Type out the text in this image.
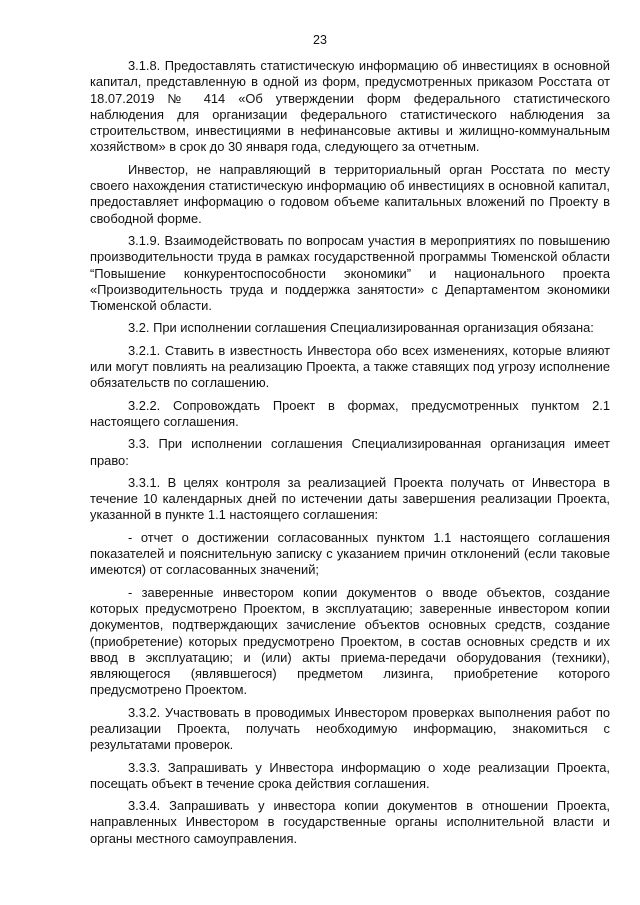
23

3.1.8. Предоставлять статистическую информацию об инвестициях в основной капитал, представленную в одной из форм, предусмотренных приказом Росстата от 18.07.2019 № 414 «Об утверждении форм федерального статистического наблюдения для организации федерального статистического наблюдения за строительством, инвестициями в нефинансовые активы и жилищно-коммунальным хозяйством» в срок до 30 января года, следующего за отчетным.

Инвестор, не направляющий в территориальный орган Росстата по месту своего нахождения статистическую информацию об инвестициях в основной капитал, предоставляет информацию о годовом объеме капитальных вложений по Проекту в свободной форме.

3.1.9. Взаимодействовать по вопросам участия в мероприятиях по повышению производительности труда в рамках государственной программы Тюменской области “Повышение конкурентоспособности экономики” и национального проекта «Производительность труда и поддержка занятости» с Департаментом экономики Тюменской области.

3.2. При исполнении соглашения Специализированная организация обязана:

3.2.1. Ставить в известность Инвестора обо всех изменениях, которые влияют или могут повлиять на реализацию Проекта, а также ставящих под угрозу исполнение обязательств по соглашению.

3.2.2. Сопровождать Проект в формах, предусмотренных пунктом 2.1 настоящего соглашения.

3.3. При исполнении соглашения Специализированная организация имеет право:

3.3.1. В целях контроля за реализацией Проекта получать от Инвестора в течение 10 календарных дней по истечении даты завершения реализации Проекта, указанной в пункте 1.1 настоящего соглашения:

- отчет о достижении согласованных пунктом 1.1 настоящего соглашения показателей и пояснительную записку с указанием причин отклонений (если таковые имеются) от согласованных значений;

- заверенные инвестором копии документов о вводе объектов, создание которых предусмотрено Проектом, в эксплуатацию; заверенные инвестором копии документов, подтверждающих зачисление объектов основных средств, создание (приобретение) которых предусмотрено Проектом, в состав основных средств и их ввод в эксплуатацию; и (или) акты приема-передачи оборудования (техники), являющегося (являвшегося) предметом лизинга, приобретение которого предусмотрено Проектом.

3.3.2. Участвовать в проводимых Инвестором проверках выполнения работ по реализации Проекта, получать необходимую информацию, знакомиться с результатами проверок.

3.3.3. Запрашивать у Инвестора информацию о ходе реализации Проекта, посещать объект в течение срока действия соглашения.

3.3.4. Запрашивать у инвестора копии документов в отношении Проекта, направленных Инвестором в государственные органы исполнительной власти и органы местного самоуправления.
